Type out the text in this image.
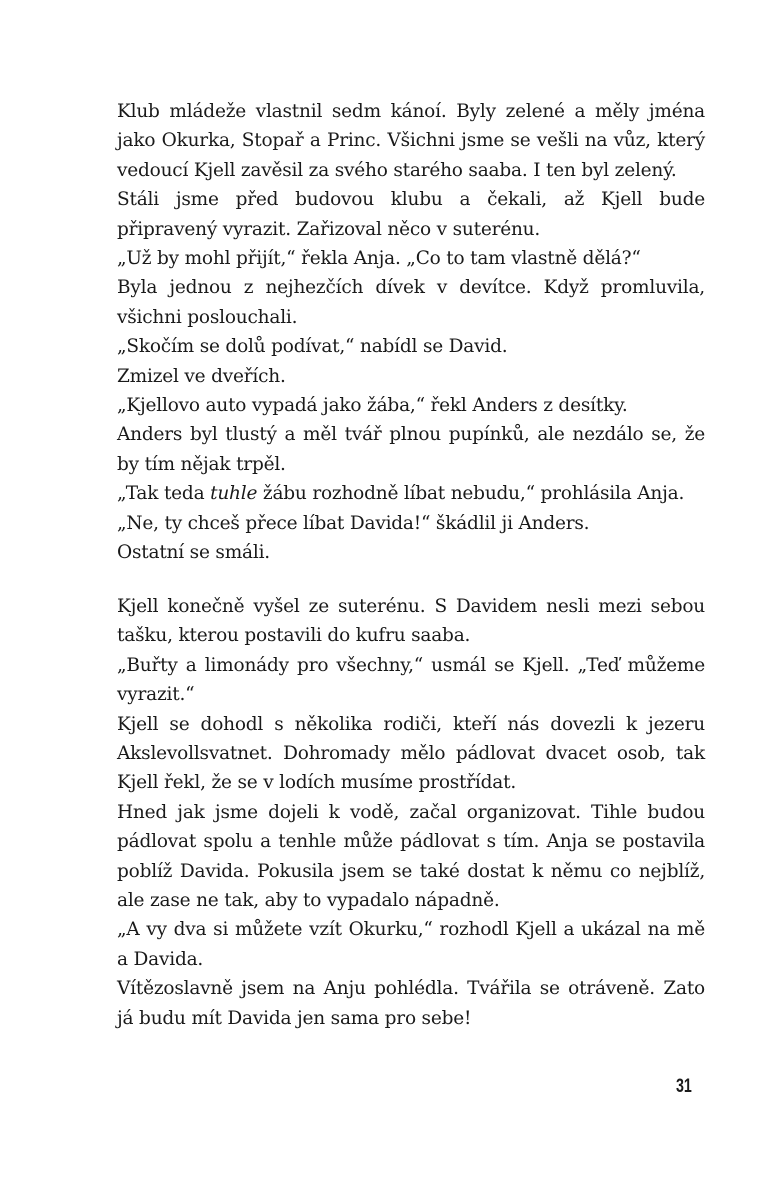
Klub mládeže vlastnil sedm kánoí. Byly zelené a měly jména jako Okurka, Stopař a Princ. Všichni jsme se vešli na vůz, který vedoucí Kjell zavěsil za svého starého saaba. I ten byl zelený.

Stáli jsme před budovou klubu a čekali, až Kjell bude připravený vyrazit. Zařizoval něco v suterénu.

„Už by mohl přijít,“ řekla Anja. „Co to tam vlastně dělá?“

Byla jednou z nejhezčích dívek v devítce. Když promluvila, všichni poslouchali.

„Skočím se dolů podívat,“ nabídl se David.

Zmizel ve dveřích.

„Kjellovo auto vypadá jako žába,“ řekl Anders z desítky.

Anders byl tlustý a měl tvář plnou pupínků, ale nezdálo se, že by tím nějak trpěl.

„Tak teda tuhle žábu rozhodně líbat nebudu,“ prohlásila Anja.

„Ne, ty chceš přece líbat Davida!“ škádlil ji Anders.

Ostatní se smáli.

Kjell konečně vyšel ze suterénu. S Davidem nesli mezi sebou tašku, kterou postavili do kufru saaba.

„Buřty a limonády pro všechny,“ usmál se Kjell. „Teď můžeme vyrazit.“

Kjell se dohodl s několika rodiči, kteří nás dovezli k jezeru Akslevollsvatnet. Dohromady mělo pádlovat dvacet osob, tak Kjell řekl, že se v lodích musíme prostřídat.

Hned jak jsme dojeli k vodě, začal organizovat. Tihle budou pádlovat spolu a tenhle může pádlovat s tím. Anja se postavila poblíž Davida. Pokusila jsem se také dostat k němu co nejblíž, ale zase ne tak, aby to vypadalo nápadně.

„A vy dva si můžete vzít Okurku,“ rozhodl Kjell a ukázal na mě a Davida.

Vítězoslavně jsem na Anju pohlédla. Tvářila se otráveně. Zato já budu mít Davida jen sama pro sebe!

31
